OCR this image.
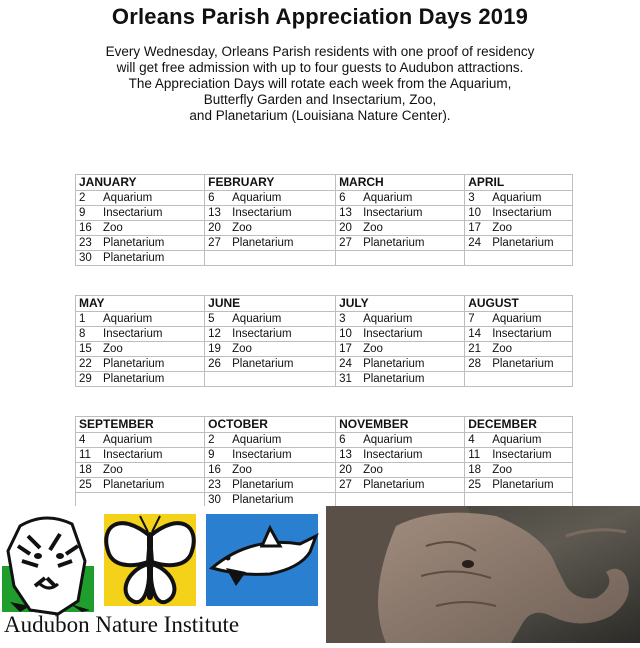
Orleans Parish Appreciation Days 2019
Every Wednesday, Orleans Parish residents with one proof of residency
will get free admission with up to four guests to Audubon attractions.
The Appreciation Days will rotate each week from the Aquarium,
Butterfly Garden and Insectarium, Zoo,
and Planetarium (Louisiana Nature Center).
JANUARY	FEBRUARY	MARCH	APRIL
2 Aquarium	6 Aquarium	6 Aquarium	3 Aquarium
9 Insectarium	13 Insectarium	13 Insectarium	10 Insectarium
16 Zoo	20 Zoo	20 Zoo	17 Zoo
23 Planetarium	27 Planetarium	27 Planetarium	24 Planetarium
30 Planetarium			
MAY	JUNE	JULY	AUGUST
1 Aquarium	5 Aquarium	3 Aquarium	7 Aquarium
8 Insectarium	12 Insectarium	10 Insectarium	14 Insectarium
15 Zoo	19 Zoo	17 Zoo	21 Zoo
22 Planetarium	26 Planetarium	24 Planetarium	28 Planetarium
29 Planetarium		31 Planetarium	
SEPTEMBER	OCTOBER	NOVEMBER	DECEMBER
4 Aquarium	2 Aquarium	6 Aquarium	4 Aquarium
11 Insectarium	9 Insectarium	13 Insectarium	11 Insectarium
18 Zoo	16 Zoo	20 Zoo	18 Zoo
25 Planetarium	23 Planetarium	27 Planetarium	25 Planetarium
	30 Planetarium		
Audubon Nature Institute
